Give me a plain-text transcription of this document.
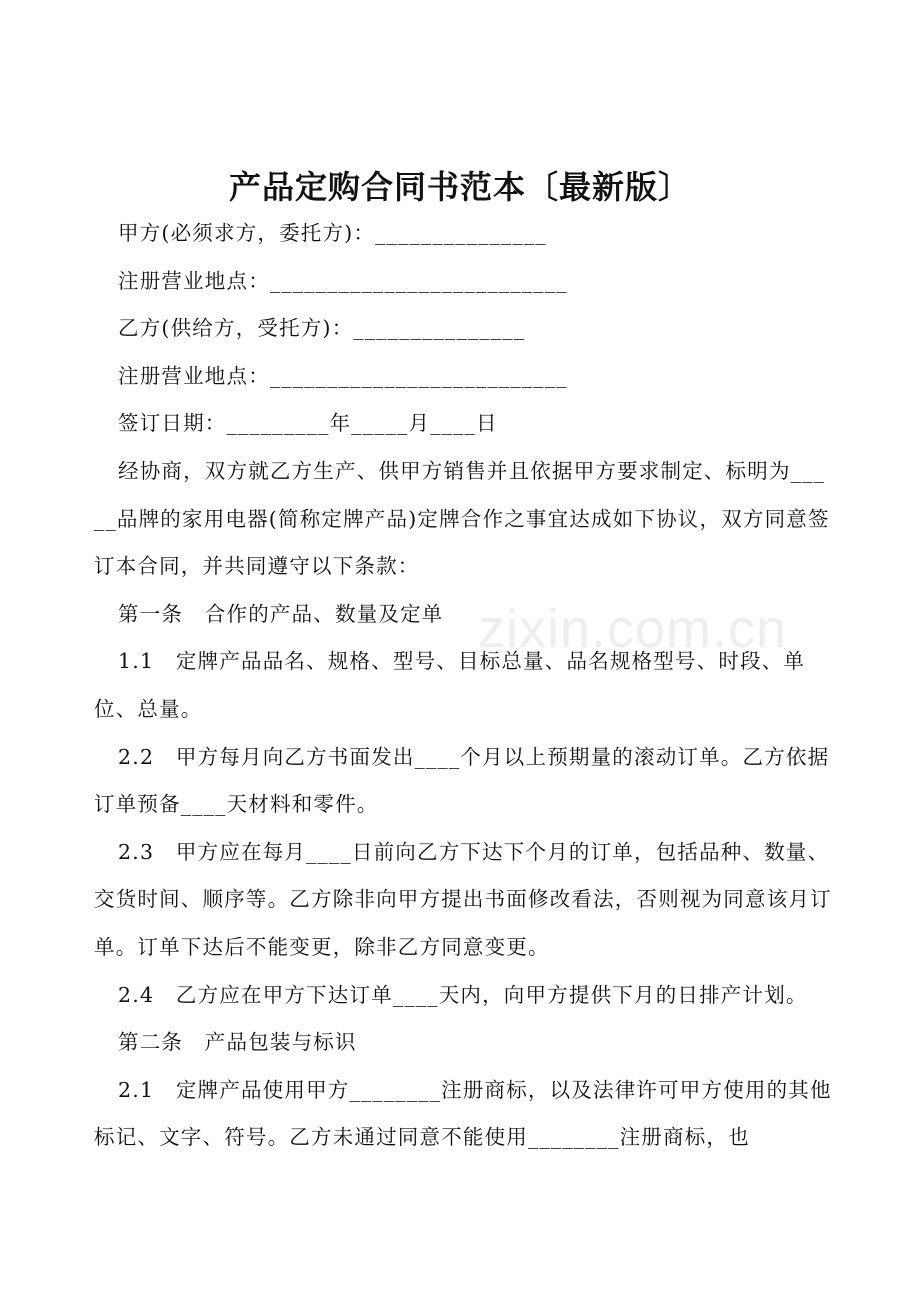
产品定购合同书范本〔最新版〕

甲方(必须求方，委托方)：_______________

注册营业地点：__________________________

乙方(供给方，受托方)：_______________

注册营业地点：__________________________

签订日期：_________年_____月____日

经协商，双方就乙方生产、供甲方销售并且依据甲方要求制定、标明为_____品牌的家用电器(简称定牌产品)定牌合作之事宜达成如下协议，双方同意签订本合同，并共同遵守以下条款：

第一条　合作的产品、数量及定单

1.1　定牌产品品名、规格、型号、目标总量、品名规格型号、时段、单位、总量。

2.2　甲方每月向乙方书面发出____个月以上预期量的滚动订单。乙方依据订单预备____天材料和零件。

2.3　甲方应在每月____日前向乙方下达下个月的订单，包括品种、数量、交货时间、顺序等。乙方除非向甲方提出书面修改看法，否则视为同意该月订单。订单下达后不能变更，除非乙方同意变更。

2.4　乙方应在甲方下达订单____天内，向甲方提供下月的日排产计划。

第二条　产品包装与标识

2.1　定牌产品使用甲方________注册商标，以及法律许可甲方使用的其他标记、文字、符号。乙方未通过同意不能使用________注册商标，也

zixin.com.cn
